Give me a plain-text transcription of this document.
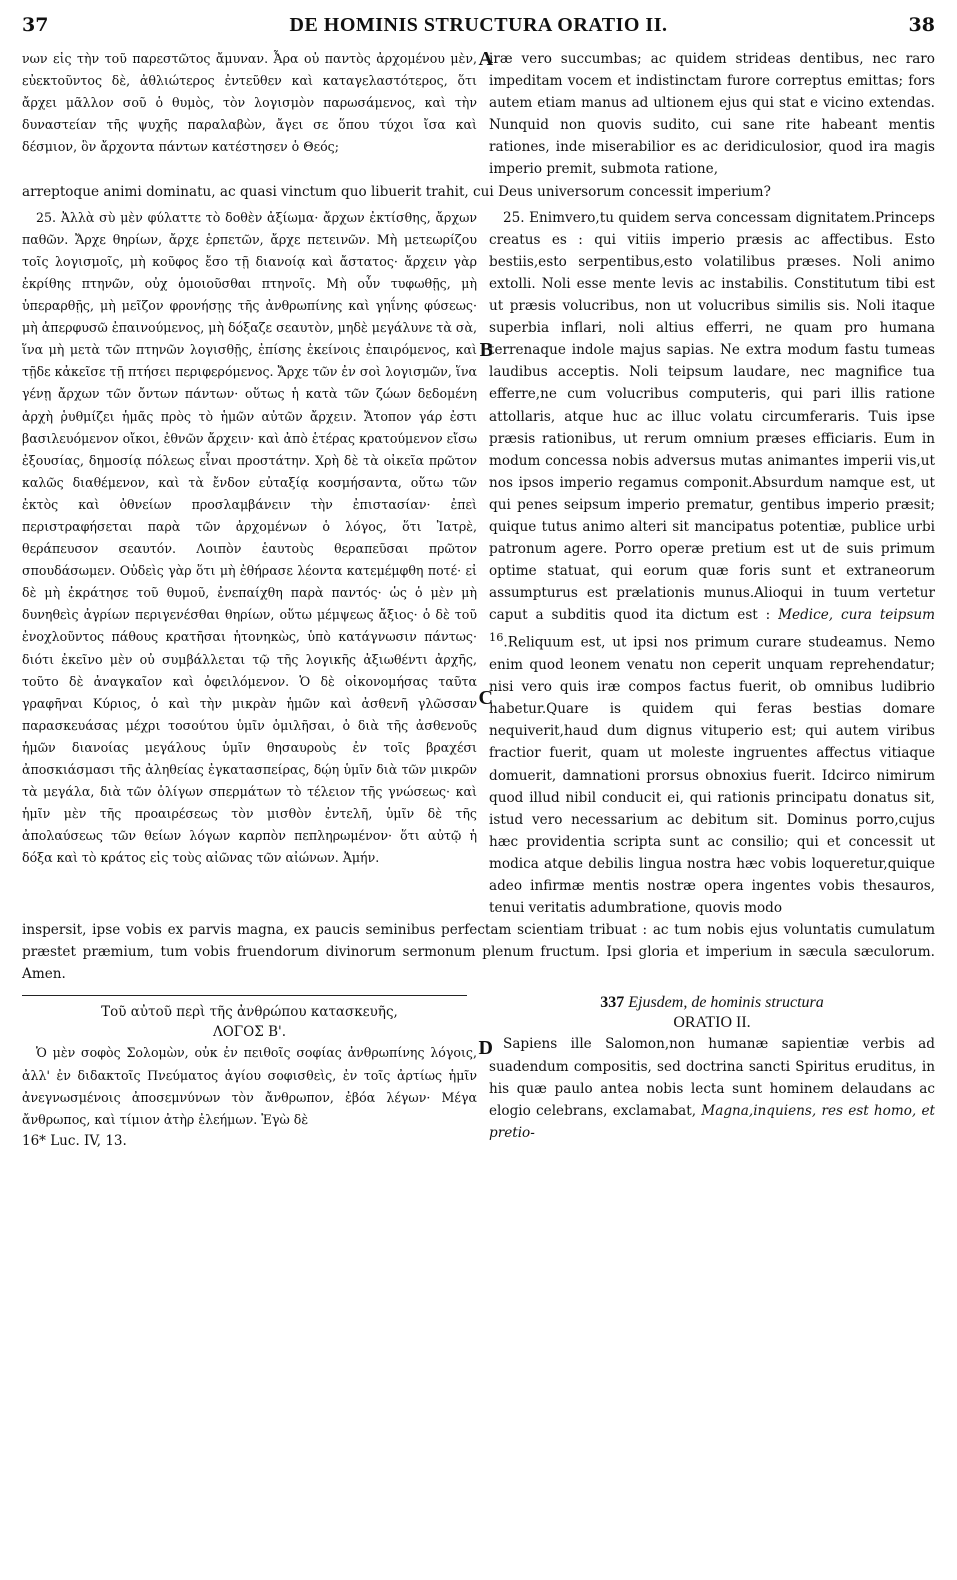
37	DE HOMINIS STRUCTURA ORATIO II.	38
A

νων εἰς τὴν τοῦ παρεστῶτος ἄμυναν. Ἆρα οὐ παντὸς ἀρχομένου μὲν, εὐεκτοῦντος δὲ, ἀθλιώτερος ἐντεῦθεν καὶ καταγελαστότερος, ὅτι ἄρχει μᾶλλον σοῦ ὁ θυμὸς, τὸν λογισμὸν παρωσάμενος, καὶ τὴν δυναστείαν τῆς ψυχῆς παραλαβὼν, ἄγει σε ὅπου τύχοι ἴσα καὶ δέσμιον, ὃν ἄρχοντα πάντων κατέστησεν ὁ Θεός;

iræ vero succumbas; ac quidem strideas dentibus, nec raro impeditam vocem et indistinctam furore correptus emittas; fors autem etiam manus ad ultionem ejus qui stat e vicino extendas. Nunquid non quovis sudito, cui sane rite habeant mentis rationes, inde miserabilior es ac deridiculosior, quod ira magis imperio premit, submota ratione,

arreptoque animi dominatu, ac quasi vinctum quo libuerit trahit, cui Deus universorum concessit imperium?

B
C
D

25. Ἀλλὰ σὺ μὲν φύλαττε τὸ δοθὲν ἀξίωμα· ἄρχων ἐκτίσθης, ἄρχων παθῶν. Ἄρχε θηρίων, ἄρχε ἑρπετῶν, ἄρχε πετεινῶν. Μὴ μετεωρίζου τοῖς λογισμοῖς, μὴ κοῦφος ἔσο τῇ διανοίᾳ καὶ ἄστατος· ἄρχειν γὰρ ἐκρίθης πτηνῶν, οὐχ ὁμοιοῦσθαι πτηνοῖς. Μὴ οὖν τυφωθῇς, μὴ ὑπεραρθῇς, μὴ μεῖζον φρονήσῃς τῆς ἀνθρωπίνης καὶ γηΐνης φύσεως· μὴ ἀπερφυσῶ ἐπαινούμενος, μὴ δόξαζε σεαυτὸν, μηδὲ μεγάλυνε τὰ σὰ, ἵνα μὴ μετὰ τῶν πτηνῶν λογισθῇς, ἐπίσης ἐκείνοις ἐπαιρόμενος, καὶ τῇδε κἀκεῖσε τῇ πτήσει περιφερόμενος. Ἄρχε τῶν ἐν σοὶ λογισμῶν, ἵνα γένῃ ἄρχων τῶν ὄντων πάντων· οὕτως ἡ κατὰ τῶν ζώων δεδομένη ἀρχὴ ῥυθμίζει ἡμᾶς πρὸς τὸ ἡμῶν αὐτῶν ἄρχειν. Ἄτοπον γάρ ἐστι βασιλευόμενον οἴκοι, ἐθνῶν ἄρχειν· καὶ ἀπὸ ἑτέρας κρατούμενον εἴσω ἐξουσίας, δημοσίᾳ πόλεως εἶναι προστάτην. Χρὴ δὲ τὰ οἰκεῖα πρῶτον καλῶς διαθέμενον, καὶ τὰ ἔνδον εὐταξίᾳ κοσμήσαντα, οὕτω τῶν ἐκτὸς καὶ ὀθνείων προσλαμβάνειν τὴν ἐπιστασίαν· ἐπεὶ περιστραφήσεται παρὰ τῶν ἀρχομένων ὁ λόγος, ὅτι Ἰατρὲ, θεράπευσον σεαυτόν. Λοιπὸν ἑαυτοὺς θεραπεῦσαι πρῶτον σπουδάσωμεν. Οὐδεὶς γὰρ ὅτι μὴ ἐθήρασε λέοντα κατεμέμφθη ποτέ· εἰ δὲ μὴ ἐκράτησε τοῦ θυμοῦ, ἐνεπαίχθη παρὰ παντός· ὡς ὁ μὲν μὴ δυνηθεὶς ἀγρίων περιγενέσθαι θηρίων, οὕτω μέμψεως ἄξιος· ὁ δὲ τοῦ ἐνοχλοῦντος πάθους κρατῆσαι ἡτονηκὼς, ὑπὸ κατάγνωσιν πάντως· διότι ἐκεῖνο μὲν οὐ συμβάλλεται τῷ τῆς λογικῆς ἀξιωθέντι ἀρχῆς, τοῦτο δὲ ἀναγκαῖον καὶ ὀφειλόμενον. Ὁ δὲ οἰκονομήσας ταῦτα γραφῆναι Κύριος, ὁ καὶ τὴν μικρὰν ἡμῶν καὶ ἀσθενῆ γλῶσσαν παρασκευάσας μέχρι τοσούτου ὑμῖν ὁμιλῆσαι, ὁ διὰ τῆς ἀσθενοῦς ἡμῶν διανοίας μεγάλους ὑμῖν θησαυροὺς ἐν τοῖς βραχέσι ἀποσκιάσμασι τῆς ἀληθείας ἐγκατασπείρας, δῴη ὑμῖν διὰ τῶν μικρῶν τὰ μεγάλα, διὰ τῶν ὀλίγων σπερμάτων τὸ τέλειον τῆς γνώσεως· καὶ ἡμῖν μὲν τῆς προαιρέσεως τὸν μισθὸν ἐντελῆ, ὑμῖν δὲ τῆς ἀπολαύσεως τῶν θείων λόγων καρπὸν πεπληρωμένον· ὅτι αὐτῷ ἡ δόξα καὶ τὸ κράτος εἰς τοὺς αἰῶνας τῶν αἰώνων. Ἀμήν.

25. Enimvero,tu quidem serva concessam dignitatem.Princeps creatus es : qui vitiis imperio præsis ac affectibus. Esto bestiis,esto serpentibus,esto volatilibus præses. Noli animo extolli. Noli esse mente levis ac instabilis. Constitutum tibi est ut præsis volucribus, non ut volucribus similis sis. Noli itaque superbia inflari, noli altius efferri, ne quam pro humana terrenaque indole majus sapias. Ne extra modum fastu tumeas laudibus acceptis. Noli teipsum laudare, nec magnifice tua efferre,ne cum volucribus computeris, qui pari illis ratione attollaris, atque huc ac illuc volatu circumferaris. Tuis ipse præsis rationibus, ut rerum omnium præses efficiaris. Eum in modum concessa nobis adversus mutas animantes imperii vis,ut nos ipsos imperio regamus componit.Absurdum namque est, ut qui penes seipsum imperio prematur, gentibus imperio præsit; quique tutus animo alteri sit mancipatus potentiæ, publice urbi patronum agere. Porro operæ pretium est ut de suis primum optime statuat, qui eorum quæ foris sunt et extraneorum assumpturus est prælationis munus.Alioqui in tuum vertetur caput a subditis quod ita dictum est : Medice, cura teipsum $^{16}$.Reliquum est, ut ipsi nos primum curare studeamus. Nemo enim quod leonem venatu non ceperit unquam reprehendatur; nisi vero quis iræ compos factus fuerit, ob omnibus ludibrio habetur.Quare is quidem qui feras bestias domare nequiverit,haud dum dignus vituperio est; qui autem viribus fractior fuerit, quam ut moleste ingruentes affectus vitiaque domuerit, damnationi prorsus obnoxius fuerit. Idcirco nimirum quod illud nibil conducit ei, qui rationis principatu donatus sit, istud vero necessarium ac debitum sit. Dominus porro,cujus hæc providentia scripta sunt ac consilio; qui et concessit ut modica atque debilis lingua nostra hæc vobis loqueretur,quique adeo infirmæ mentis nostræ opera ingentes vobis thesauros, tenui veritatis adumbratione, quovis modo

inspersit, ipse vobis ex parvis magna, ex paucis seminibus perfectam scientiam tribuat : ac tum nobis ejus voluntatis cumulatum præstet præmium, tum vobis fruendorum divinorum sermonum plenum fructum. Ipsi gloria et imperium in sæcula sæculorum. Amen.

Τοῦ αὐτοῦ περὶ τῆς ἀνθρώπου κατασκευῆς,
ΛΟΓΟΣ Β'.

Ὁ μὲν σοφὸς Σολομὼν, οὐκ ἐν πειθοῖς σοφίας ἀνθρωπίνης λόγοις, ἀλλ' ἐν διδακτοῖς Πνεύματος ἁγίου σοφισθεὶς, ἐν τοῖς ἀρτίως ἡμῖν ἀνεγνωσμένοις ἀποσεμνύνων τὸν ἄνθρωπον, ἐβόα λέγων· Μέγα ἄνθρωπος, καὶ τίμιον ἀτὴρ ἐλεήμων. Ἐγὼ δὲ

16* Luc. IV, 13.
337 Ejusdem, de hominis structura
ORATIO II.

Sapiens ille Salomon,non humanæ sapientiæ verbis ad suadendum compositis, sed doctrina sancti Spiritus eruditus, in his quæ paulo antea nobis lecta sunt hominem delaudans ac elogio celebrans, exclamabat, Magna,inquiens, res est homo, et pretio-
